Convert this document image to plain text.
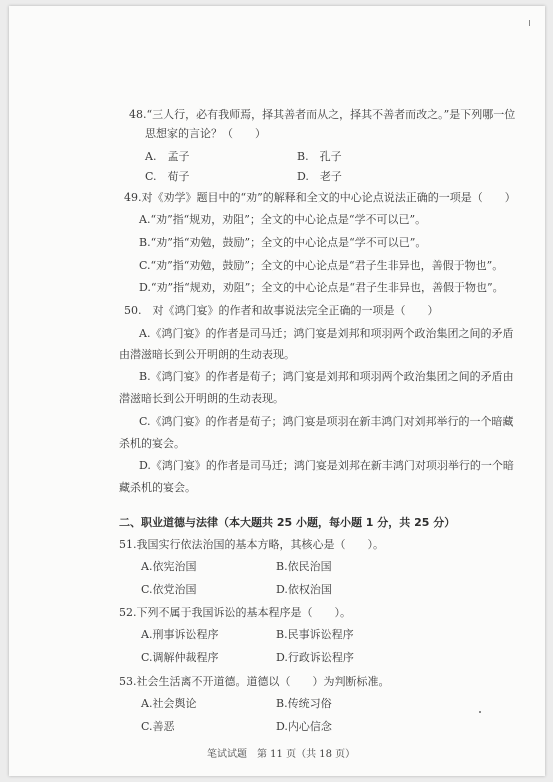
48.“三人行，必有我师焉，择其善者而从之，择其不善者而改之。”是下列哪一位
思想家的言论？（　　）
A.　孟子	B.　孔子
C.　荀子	D.　老子
49.对《劝学》题目中的“劝”的解释和全文的中心论点说法正确的一项是（　　）
A.“劝”指“规劝，劝阻”；全文的中心论点是“学不可以已”。
B.“劝”指“劝勉，鼓励”；全文的中心论点是“学不可以已”。
C.“劝”指“劝勉，鼓励”；全文的中心论点是“君子生非异也，善假于物也”。
D.“劝”指“规劝，劝阻”；全文的中心论点是“君子生非异也，善假于物也”。
50.　对《鸿门宴》的作者和故事说法完全正确的一项是（　　）
A.《鸿门宴》的作者是司马迁；鸿门宴是刘邦和项羽两个政治集团之间的矛盾
由潜滋暗长到公开明朗的生动表现。
B.《鸿门宴》的作者是荀子；鸿门宴是刘邦和项羽两个政治集团之间的矛盾由
潜滋暗长到公开明朗的生动表现。
C.《鸿门宴》的作者是荀子；鸿门宴是项羽在新丰鸿门对刘邦举行的一个暗藏
杀机的宴会。
D.《鸿门宴》的作者是司马迁；鸿门宴是刘邦在新丰鸿门对项羽举行的一个暗
藏杀机的宴会。
二、职业道德与法律（本大题共 25 小题，每小题 1 分，共 25 分）
51.我国实行依法治国的基本方略，其核心是（　　）。
A.依宪治国	B.依民治国
C.依党治国	D.依权治国
52.下列不属于我国诉讼的基本程序是（　　）。
A.刑事诉讼程序	B.民事诉讼程序
C.调解仲裁程序	D.行政诉讼程序
53.社会生活离不开道德。道德以（　　）为判断标准。
A.社会舆论	B.传统习俗
C.善恶	D.内心信念
笔试试题　第 11 页（共 18 页）
